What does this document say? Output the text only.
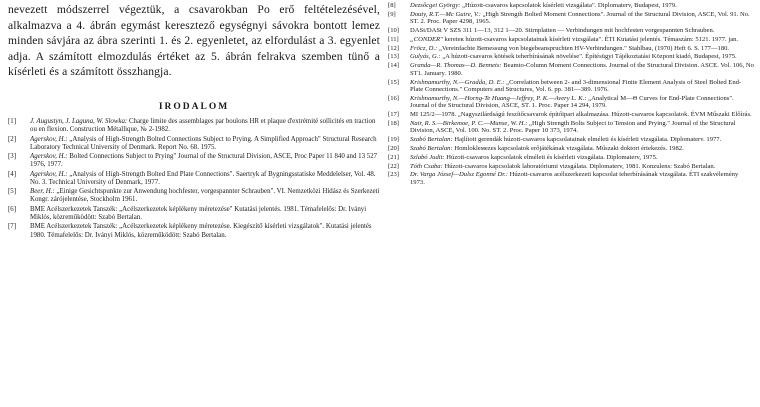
nevezett módszerrel végeztük, a csavarokban Po erő feltételezésével, alkalmazva a 4. ábrán egymást keresztező egységnyi sávokra bontott lemez minden sávjára az ábra szerinti 1. és 2. egyenletet, az elfordulást a 3. egyenlet adja. A számított elmozdulás értéket az 5. ábrán felrakva szemben tünő a kísérleti és a számított összhangja.

IRODALOM
[1] J. Augustyn, J. Laguna, W. Slowka: Charge limite des assemblages par boulons HR et plaque d'extrémité sollicités en traction ou en flexion. Construction Métallique, № 2-1982.
[2] Agerskov, H.: „Analysis of High-Strength Bolted Connections Subject to Prying. A Simplified Approach" Structural Research Laboratory Technical University of Denmark. Report No. 68. 1975.
[3] Agerskov, H.: Bolted Connections Subject to Prying" Journal of the Structural Division, ASCE, Proc Paper 11 840 and 13 527 1976, 1977.
[4] Agerskov, H.: „Analysis of High-Strength Bolted End Plate Connections". Saertryk af Bygningsstatiske Meddelelser, Vol. 48. No. 3. Technical University of Denmark, 1977.
[5] Beer, H.: „Einige Gesichtspunkte zur Anwendung hochfester, vorgespannter Schrauben". VI. Nemzetközi Hídász és Szerkezeti Kongr. zárójelentése, Stockholm 1961.
[6] BME Acélszerkezetek Tanszék: „Acélszerkezetek képlékeny méretezése" Kutatási jelentés. 1981. Témafelelős: Dr. Iványi Miklós, közreműködött: Szabó Bertalan.
[7] BME Acélszerkezetek Tanszék: „Acélszerkezetek képlékeny méretezése. Kiegészítő kísérleti vizsgálatok". Kutatási jelentés 1980. Témafelelős: Dr. Iványi Miklós, közreműködött: Szabó Bertalan.
[8] Dezsőcgei György: „Húzott-csavaros kapcsolatok kísérleti vizsgálata". Diplomaterv, Budapest, 1979.
[9] Douty, R.T.—Mc Guire, V.: „High Strength Bolted Moment Connections". Journal of the Structural Division, ASCE, Vol. 91. No. ST. 2. Proc. Paper 4298, 1965.
[10] DASt/DASt V SZS 311 1—13, 312 1—20. Stirnplatten — Verbindungen mit hochfesten vorgespannten Schrauben.
[11] „CONDER" kereteк húzott-csavaros kapcsolatainak kísérleti vizsgálata". ÉTI Kutatási jelentés. Témaszám: 5121. 1977. jan.
[12] Fröcz, D.: „Vereinfachte Bemessung von biegebeanspruchten HV-Verbindungen." Stahlbau, (1970) Heft 6. S. 177—180.
[13] Gulyás, G.: „A húzott-csavaros kötések teherbírásának növelése". Építésügyi Tájékoztatási Központ kiadó, Budapest, 1975.
[14] Granda—R. Thomas—D. Bennets: Beamto-Column Moment Connections. Journal of the Structural Division. ASCE. Vol. 106, No ST1. January. 1980.
[15] Krishnamurthy, N.—Gradda, D. E.: „Correlation between 2- and 3-dimensional Finite Element Analysis of Steel Bolted End-Plate Connections." Computers and Structures, Vol. 6. pp. 381—389. 1976.
[16] Krishnamurthy, N.—Horng-Te Huang—Jeffrey, P. K.—Avery L. K.: „Analytical M—Θ Curves for End-Plate Connections". Journal of the Structural Division, ASCE, ST. 1. Proc. Paper 14 294, 1979.
[17] MI 125/2—1978. „Nagyszilárdságú feszítőcsavarok építőipari alkalmazása. Húzott-csavaros kapcsolatok. ÉVM Műszaki Előírás.
[18] Nair, R. S.—Birkemoe, P. C.—Munse, W. H.: „High Strength Bolts Subject to Tension and Prying." Journal of the Structural Division, ASCE, Vol. 100. No. ST. 2. Proc. Paper 10 373, 1974.
[19] Szabó Bertalan: Hajlított gerendák húzott-csavaros kapcsolatainak elméleti és kísérleti vizsgálata. Diplomaterv. 1977.
[20] Szabó Bertalan: Homlokleмezes kapcsolatok erőjátékának vizsgálata. Műszaki doktori értekezés. 1982.
[21] Szlabó Judit: Húzott-csavaros kapcsolatok elméleti és kísérleti vizsgálata. Diplomaterv, 1975.
[22] Tóth Csaba: Húzott-csavaros kapcsolatok laboratóriumi vizsgálata. Diplomaterv, 1981. Konzulens: Szabó Bertalan.
[23] Dr. Vargа József—Dulsz Egonné Dr.: Húzott-csavaros acélszerkezeti kapcsolat teherbírásának vizsgálata. ÉTI szakvéleménу 1973.
